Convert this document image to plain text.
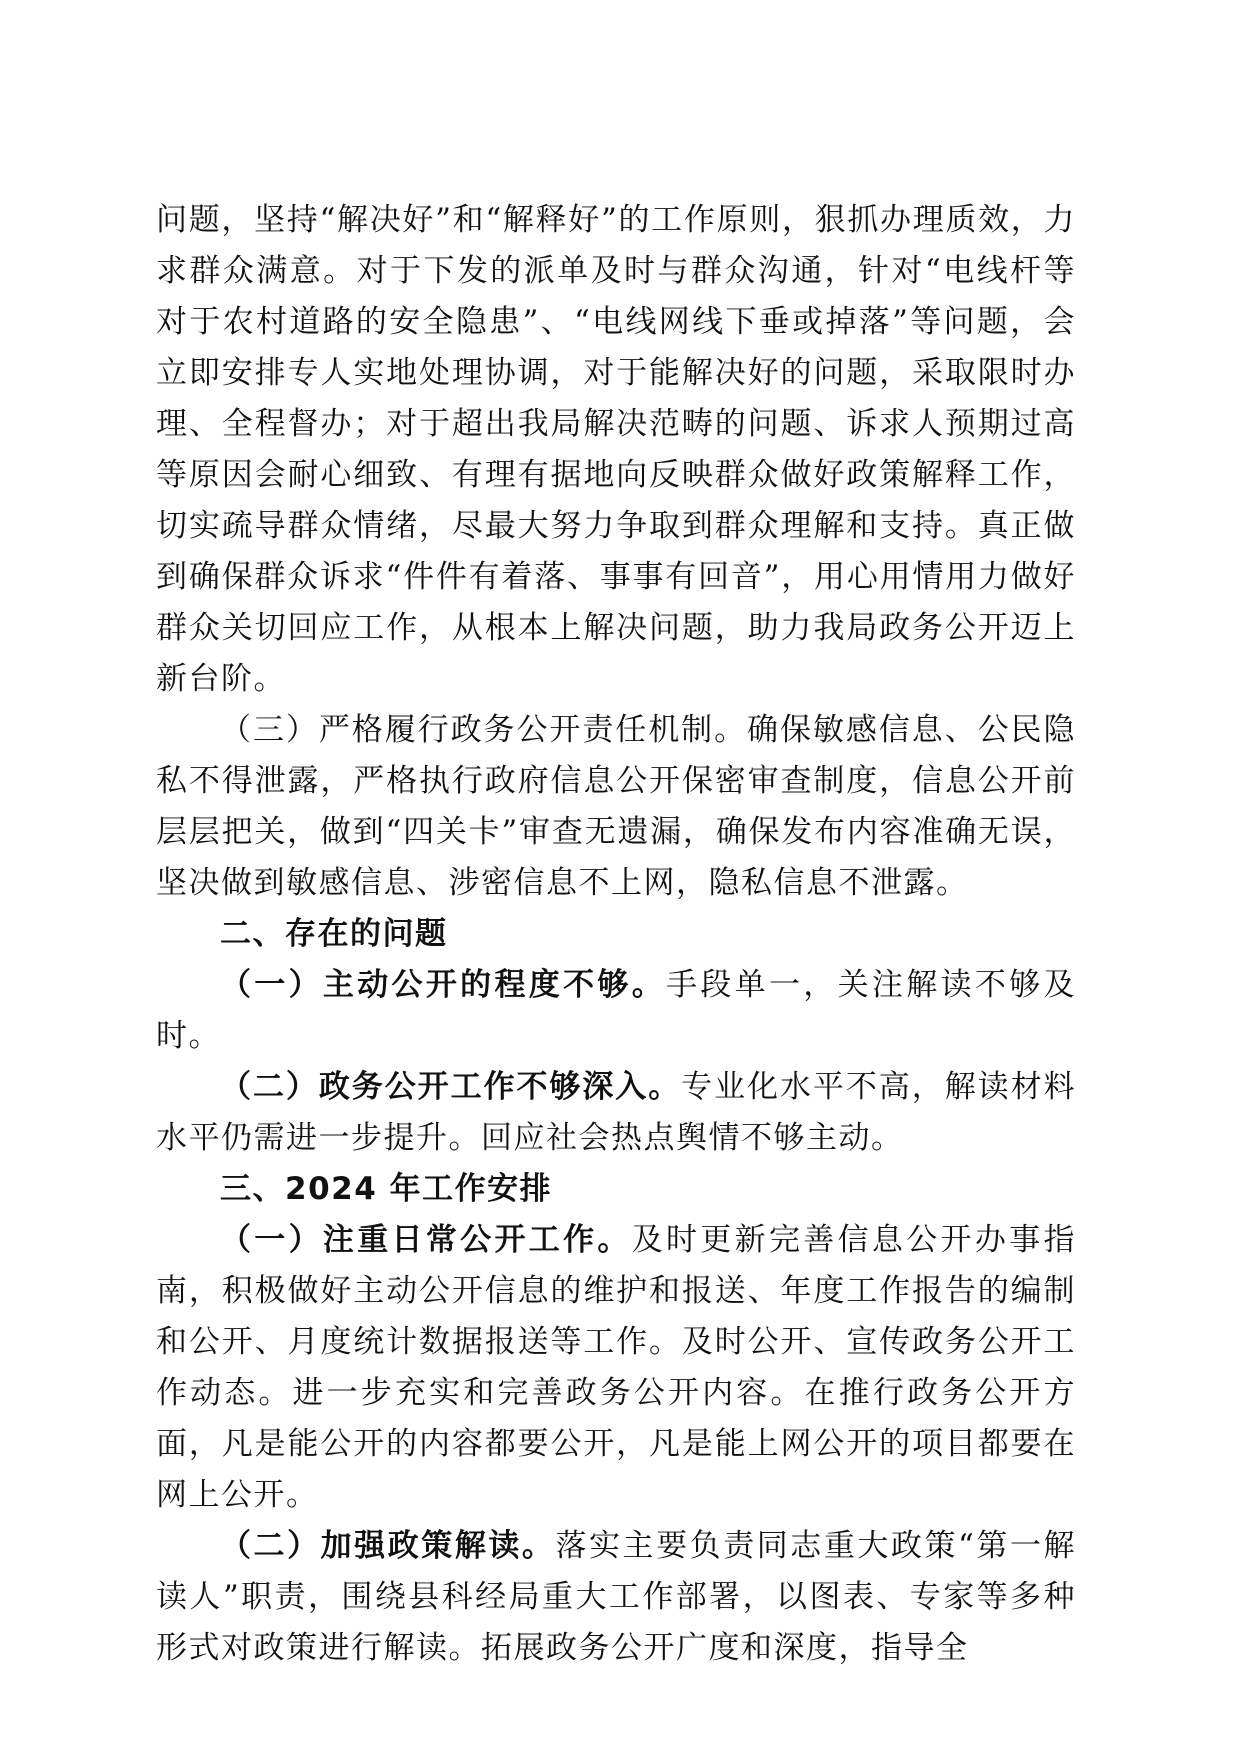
问题，坚持“解决好”和“解释好”的工作原则，狠抓办理质效，力求群众满意。对于下发的派单及时与群众沟通，针对“电线杆等对于农村道路的安全隐患”、“电线网线下垂或掉落”等问题，会立即安排专人实地处理协调，对于能解决好的问题，采取限时办理、全程督办；对于超出我局解决范畴的问题、诉求人预期过高等原因会耐心细致、有理有据地向反映群众做好政策解释工作，切实疏导群众情绪，尽最大努力争取到群众理解和支持。真正做到确保群众诉求“件件有着落、事事有回音”，用心用情用力做好群众关切回应工作，从根本上解决问题，助力我局政务公开迈上新台阶。

（三）严格履行政务公开责任机制。确保敏感信息、公民隐私不得泄露，严格执行政府信息公开保密审查制度，信息公开前层层把关，做到“四关卡”审查无遗漏，确保发布内容准确无误，坚决做到敏感信息、涉密信息不上网，隐私信息不泄露。

二、存在的问题

（一）主动公开的程度不够。手段单一，关注解读不够及时。

（二）政务公开工作不够深入。专业化水平不高，解读材料水平仍需进一步提升。回应社会热点舆情不够主动。

三、2024 年工作安排

（一）注重日常公开工作。及时更新完善信息公开办事指南，积极做好主动公开信息的维护和报送、年度工作报告的编制和公开、月度统计数据报送等工作。及时公开、宣传政务公开工作动态。进一步充实和完善政务公开内容。在推行政务公开方面，凡是能公开的内容都要公开，凡是能上网公开的项目都要在网上公开。

（二）加强政策解读。落实主要负责同志重大政策“第一解读人”职责，围绕县科经局重大工作部署，以图表、专家等多种形式对政策进行解读。拓展政务公开广度和深度，指导全
